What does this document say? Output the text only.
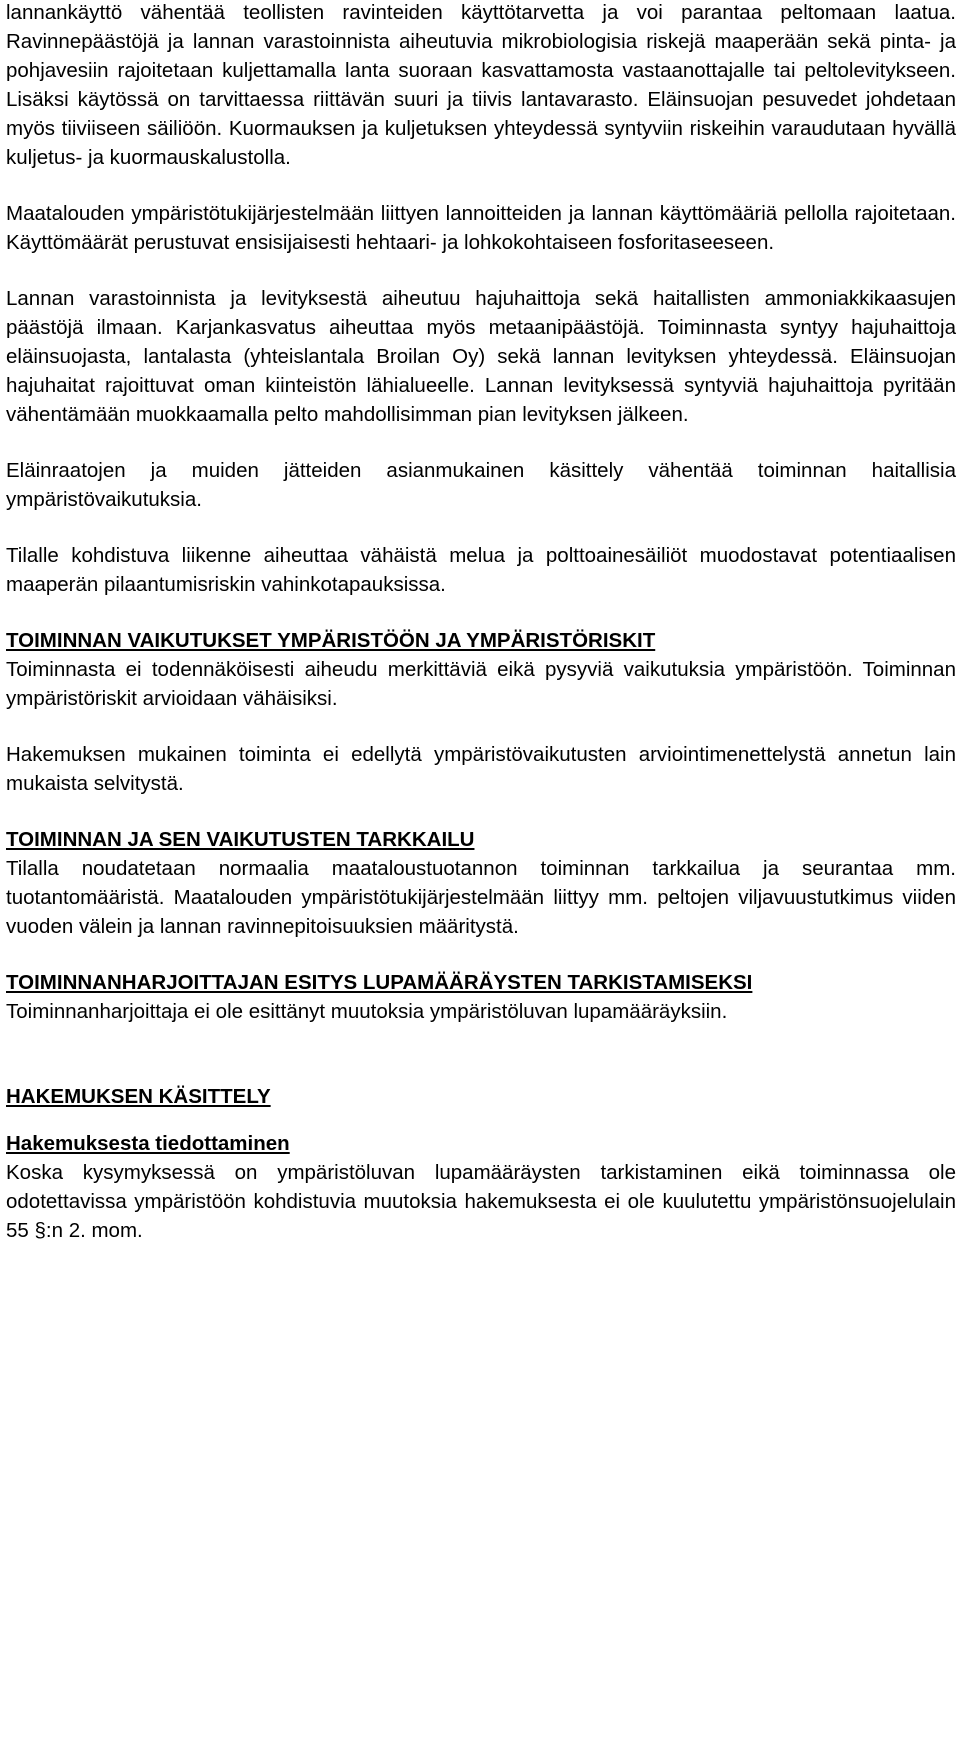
lannankäyttö vähentää teollisten ravinteiden käyttötarvetta ja voi parantaa peltomaan laatua. Ravinnepäästöjä ja lannan varastoinnista aiheutuvia mikrobiologisia riskejä maaperään sekä pinta- ja pohjavesiin rajoitetaan kuljettamalla lanta suoraan kasvattamosta vastaanottajalle tai peltolevitykseen. Lisäksi käytössä on tarvittaessa riittävän suuri ja tiivis lantavarasto. Eläinsuojan pesuvedet johdetaan myös tiiviiseen säiliöön. Kuormauksen ja kuljetuksen yhteydessä syntyviin riskeihin varaudutaan hyvällä kuljetus- ja kuormauskalustolla.

Maatalouden ympäristötukijärjestelmään liittyen lannoitteiden ja lannan käyttömääriä pellolla rajoitetaan. Käyttömäärät perustuvat ensisijaisesti hehtaari- ja lohkokohtaiseen fosforitaseeseen.

Lannan varastoinnista ja levityksestä aiheutuu hajuhaittoja sekä haitallisten ammoniakkikaasujen päästöjä ilmaan. Karjankasvatus aiheuttaa myös metaanipäästöjä. Toiminnasta syntyy hajuhaittoja eläinsuojasta, lantalasta (yhteislantala Broilan Oy) sekä lannan levityksen yhteydessä. Eläinsuojan hajuhaitat rajoittuvat oman kiinteistön lähialueelle. Lannan levityksessä syntyviä hajuhaittoja pyritään vähentämään muokkaamalla pelto mahdollisimman pian levityksen jälkeen.

Eläinraatojen ja muiden jätteiden asianmukainen käsittely vähentää toiminnan haitallisia ympäristövaikutuksia.

Tilalle kohdistuva liikenne aiheuttaa vähäistä melua ja polttoainesäiliöt muodostavat potentiaalisen maaperän pilaantumisriskin vahinkotapauksissa.

TOIMINNAN VAIKUTUKSET YMPÄRISTÖÖN JA YMPÄRISTÖRISKIT

Toiminnasta ei todennäköisesti aiheudu merkittäviä eikä pysyviä vaikutuksia ympäristöön. Toiminnan ympäristöriskit arvioidaan vähäisiksi.

Hakemuksen mukainen toiminta ei edellytä ympäristövaikutusten arviointimenettelystä annetun lain mukaista selvitystä.

TOIMINNAN JA SEN VAIKUTUSTEN TARKKAILU

Tilalla noudatetaan normaalia maataloustuotannon toiminnan tarkkailua ja seurantaa mm. tuotantomääristä. Maatalouden ympäristötukijärjestelmään liittyy mm. peltojen viljavuustutkimus viiden vuoden välein ja lannan ravinnepitoisuuksien määritystä.

TOIMINNANHARJOITTAJAN ESITYS LUPAMÄÄRÄYSTEN TARKISTAMISEKSI

Toiminnanharjoittaja ei ole esittänyt muutoksia ympäristöluvan lupamääräyksiin.

HAKEMUKSEN KÄSITTELY

Hakemuksesta tiedottaminen

Koska kysymyksessä on ympäristöluvan lupamääräysten tarkistaminen eikä toiminnassa ole odotettavissa ympäristöön kohdistuvia muutoksia hakemuksesta ei ole kuulutettu ympäristönsuojelulain 55 §:n 2. mom.
